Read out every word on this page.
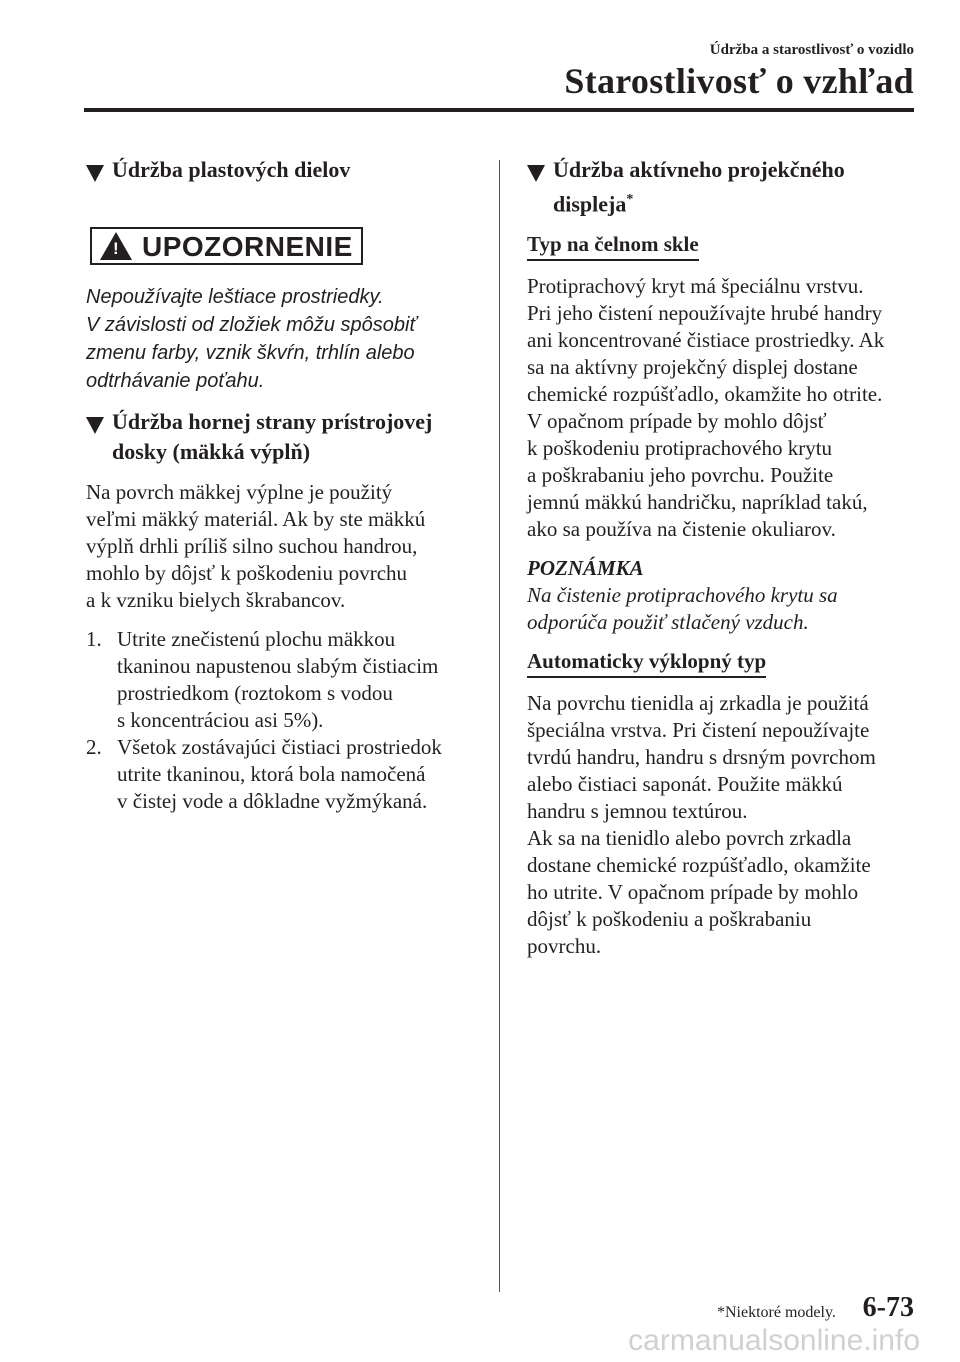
Údržba a starostlivosť o vozidlo
Starostlivosť o vzhľad
Údržba plastových dielov
! UPOZORNENIE
Nepoužívajte leštiace prostriedky.
V závislosti od zložiek môžu spôsobiť
zmenu farby, vznik škvŕn, trhlín alebo
odtrhávanie poťahu.
Údržba hornej strany prístrojovej
dosky (mäkká výplň)
Na povrch mäkkej výplne je použitý
veľmi mäkký materiál. Ak by ste mäkkú
výplň drhli príliš silno suchou handrou,
mohlo by dôjsť k poškodeniu povrchu
a k vzniku bielych škrabancov.
1. Utrite znečistenú plochu mäkkou
tkaninou napustenou slabým čistiacim
prostriedkom (roztokom s vodou
s koncentráciou asi 5%).
2. Všetok zostávajúci čistiaci prostriedok
utrite tkaninou, ktorá bola namočená
v čistej vode a dôkladne vyžmýkaná.
Údržba aktívneho projekčného
displeja*
Typ na čelnom skle
Protiprachový kryt má špeciálnu vrstvu.
Pri jeho čistení nepoužívajte hrubé handry
ani koncentrované čistiace prostriedky. Ak
sa na aktívny projekčný displej dostane
chemické rozpúšťadlo, okamžite ho otrite.
V opačnom prípade by mohlo dôjsť
k poškodeniu protiprachového krytu
a poškrabaniu jeho povrchu. Použite
jemnú mäkkú handričku, napríklad takú,
ako sa používa na čistenie okuliarov.
POZNÁMKA
Na čistenie protiprachového krytu sa
odporúča použiť stlačený vzduch.
Automaticky výklopný typ
Na povrchu tienidla aj zrkadla je použitá
špeciálna vrstva. Pri čistení nepoužívajte
tvrdú handru, handru s drsným povrchom
alebo čistiaci saponát. Použite mäkkú
handru s jemnou textúrou.
Ak sa na tienidlo alebo povrch zrkadla
dostane chemické rozpúšťadlo, okamžite
ho utrite. V opačnom prípade by mohlo
dôjsť k poškodeniu a poškrabaniu
povrchu.
*Niektoré modely. 6-73
carmanualsonline.info
